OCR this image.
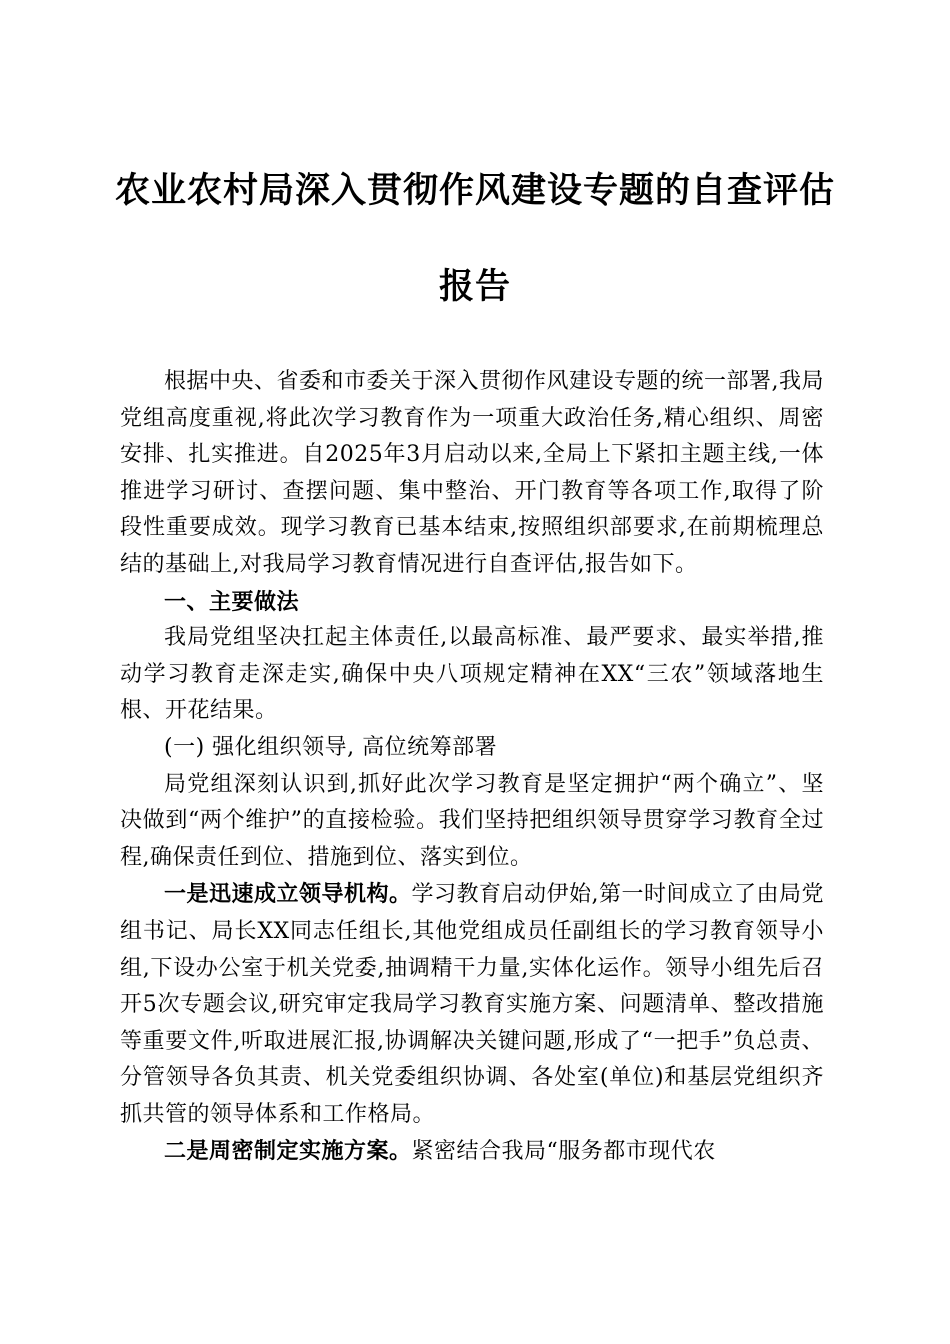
农业农村局深入贯彻作风建设专题的自查评估
报告

根据中央、省委和市委关于深入贯彻作风建设专题的统一部署,我局党组高度重视,将此次学习教育作为一项重大政治任务,精心组织、周密安排、扎实推进。自2025年3月启动以来,全局上下紧扣主题主线,一体推进学习研讨、查摆问题、集中整治、开门教育等各项工作,取得了阶段性重要成效。现学习教育已基本结束,按照组织部要求,在前期梳理总结的基础上,对我局学习教育情况进行自查评估,报告如下。

一、主要做法

我局党组坚决扛起主体责任,以最高标准、最严要求、最实举措,推动学习教育走深走实,确保中央八项规定精神在XX“三农”领域落地生根、开花结果。

(一) 强化组织领导, 高位统筹部署

局党组深刻认识到,抓好此次学习教育是坚定拥护“两个确立”、坚决做到“两个维护”的直接检验。我们坚持把组织领导贯穿学习教育全过程,确保责任到位、措施到位、落实到位。

一是迅速成立领导机构。学习教育启动伊始,第一时间成立了由局党组书记、局长XX同志任组长,其他党组成员任副组长的学习教育领导小组,下设办公室于机关党委,抽调精干力量,实体化运作。领导小组先后召开5次专题会议,研究审定我局学习教育实施方案、问题清单、整改措施等重要文件,听取进展汇报,协调解决关键问题,形成了“一把手”负总责、分管领导各负其责、机关党委组织协调、各处室(单位)和基层党组织齐抓共管的领导体系和工作格局。

二是周密制定实施方案。紧密结合我局“服务都市现代农
